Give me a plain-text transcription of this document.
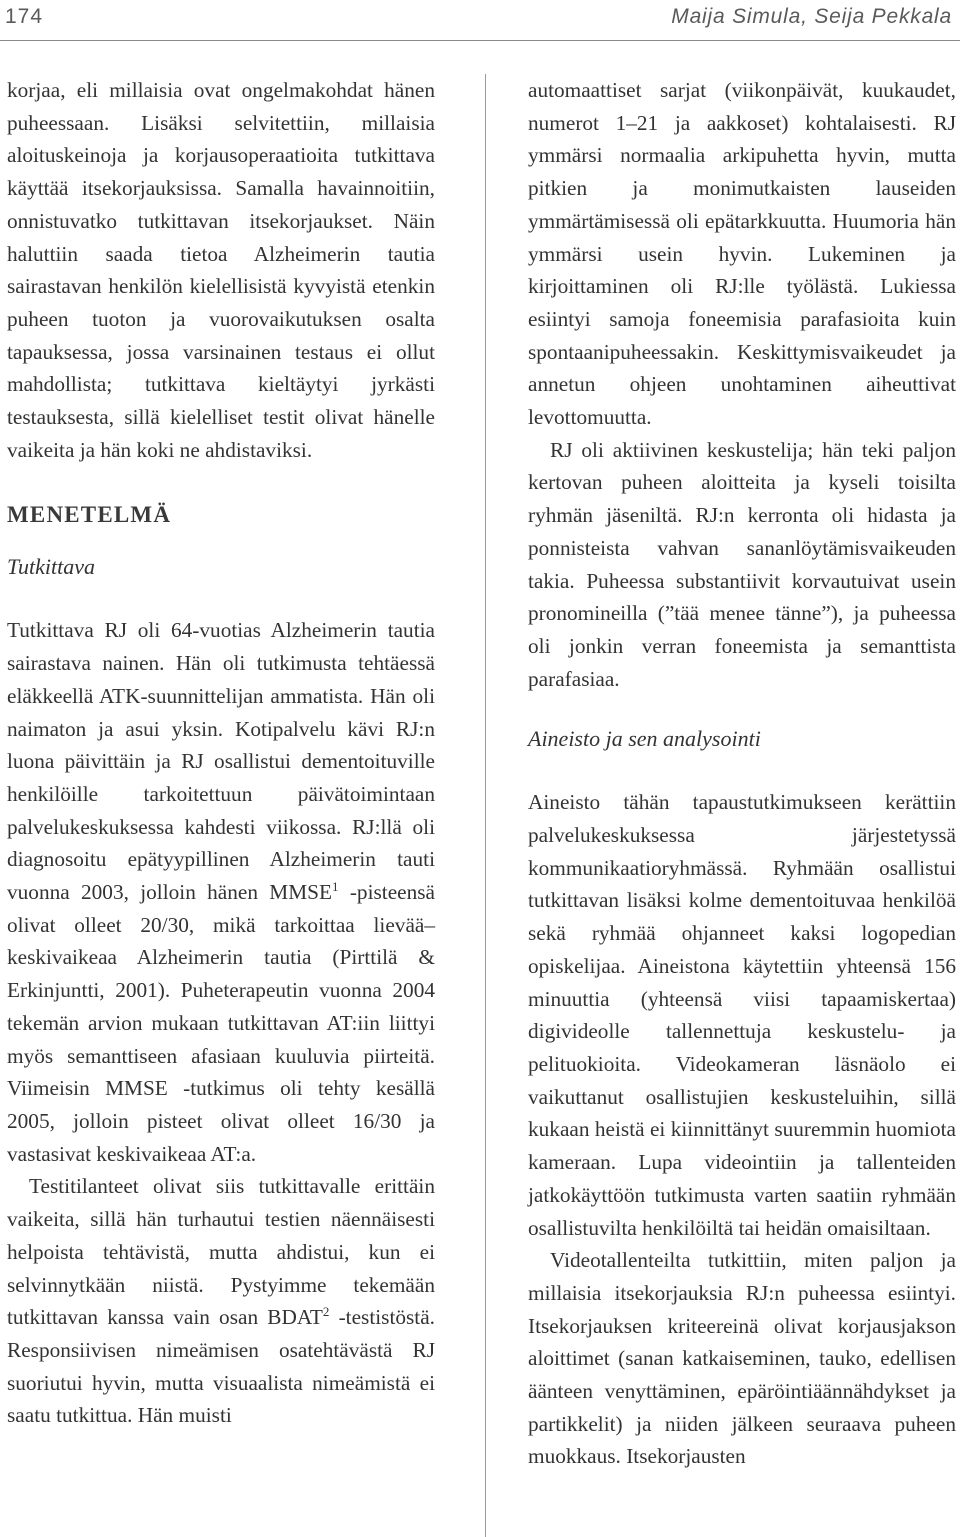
174	Maija Simula, Seija Pekkala

korjaa, eli millaisia ovat ongelmakohdat hänen puheessaan. Lisäksi selvitettiin, millaisia aloituskeinoja ja korjausoperaatioita tutkittava käyttää itsekorjauksissa. Samalla havainnoitiin, onnistuvatko tutkittavan itsekorjaukset. Näin haluttiin saada tietoa Alzheimerin tautia sairastavan henkilön kielellisistä kyvyistä etenkin puheen tuoton ja vuorovaikutuksen osalta tapauksessa, jossa varsinainen testaus ei ollut mahdollista; tutkittava kieltäytyi jyrkästi testauksesta, sillä kielelliset testit olivat hänelle vaikeita ja hän koki ne ahdistaviksi.

MENETELMÄ
Tutkittava

Tutkittava RJ oli 64-vuotias Alzheimerin tautia sairastava nainen. Hän oli tutkimusta tehtäessä eläkkeellä ATK-suunnittelijan ammatista. Hän oli naimaton ja asui yksin. Kotipalvelu kävi RJ:n luona päivittäin ja RJ osallistui dementoituville henkilöille tarkoitettuun päivätoimintaan palvelukeskuksessa kahdesti viikossa. RJ:llä oli diagnosoitu epätyypillinen Alzheimerin tauti vuonna 2003, jolloin hänen MMSE$^1$ -pisteensä olivat olleet 20/30, mikä tarkoittaa lievää–keskivaikeaa Alzheimerin tautia (Pirttilä & Erkinjuntti, 2001). Puheterapeutin vuonna 2004 tekemän arvion mukaan tutkittavan AT:iin liittyi myös semanttiseen afasiaan kuuluvia piirteitä. Viimeisin MMSE -tutkimus oli tehty kesällä 2005, jolloin pisteet olivat olleet 16/30 ja vastasivat keskivaikeaa AT:a.

Testitilanteet olivat siis tutkittavalle erittäin vaikeita, sillä hän turhautui testien näennäisesti helpoista tehtävistä, mutta ahdistui, kun ei selvinnytkään niistä. Pystyimme tekemään tutkittavan kanssa vain osan BDAT$^2$ -testistöstä. Responsiivisen nimeämisen osatehtävästä RJ suoriutui hyvin, mutta visuaalista nimeämistä ei saatu tutkittua. Hän muisti

automaattiset sarjat (viikonpäivät, kuukaudet, numerot 1–21 ja aakkoset) kohtalaisesti. RJ ymmärsi normaalia arkipuhetta hyvin, mutta pitkien ja monimutkaisten lauseiden ymmärtämisessä oli epätarkkuutta. Huumoria hän ymmärsi usein hyvin. Lukeminen ja kirjoittaminen oli RJ:lle työlästä. Lukiessa esiintyi samoja foneemisia parafasioita kuin spontaanipuheessakin. Keskittymisvaikeudet ja annetun ohjeen unohtaminen aiheuttivat levottomuutta.

RJ oli aktiivinen keskustelija; hän teki paljon kertovan puheen aloitteita ja kyseli toisilta ryhmän jäseniltä. RJ:n kerronta oli hidasta ja ponnisteista vahvan sananlöytämisvaikeuden takia. Puheessa substantiivit korvautuivat usein pronomineilla (”tää menee tänne”), ja puheessa oli jonkin verran foneemista ja semanttista parafasiaa.

Aineisto ja sen analysointi

Aineisto tähän tapaustutkimukseen kerättiin palvelukeskuksessa järjestetyssä kommunikaatioryhmässä. Ryhmään osallistui tutkittavan lisäksi kolme dementoituvaa henkilöä sekä ryhmää ohjanneet kaksi logopedian opiskelijaa. Aineistona käytettiin yhteensä 156 minuuttia (yhteensä viisi tapaamiskertaa) digivideolle tallennettuja keskustelu- ja pelituokioita. Videokameran läsnäolo ei vaikuttanut osallistujien keskusteluihin, sillä kukaan heistä ei kiinnittänyt suuremmin huomiota kameraan. Lupa videointiin ja tallenteiden jatkokäyttöön tutkimusta varten saatiin ryhmään osallistuvilta henkilöiltä tai heidän omaisiltaan.

Videotallenteilta tutkittiin, miten paljon ja millaisia itsekorjauksia RJ:n puheessa esiintyi. Itsekorjauksen kriteereinä olivat korjausjakson aloittimet (sanan katkaiseminen, tauko, edellisen äänteen venyttäminen, epäröintiäännähdykset ja partikkelit) ja niiden jälkeen seuraava puheen muokkaus. Itsekorjausten
